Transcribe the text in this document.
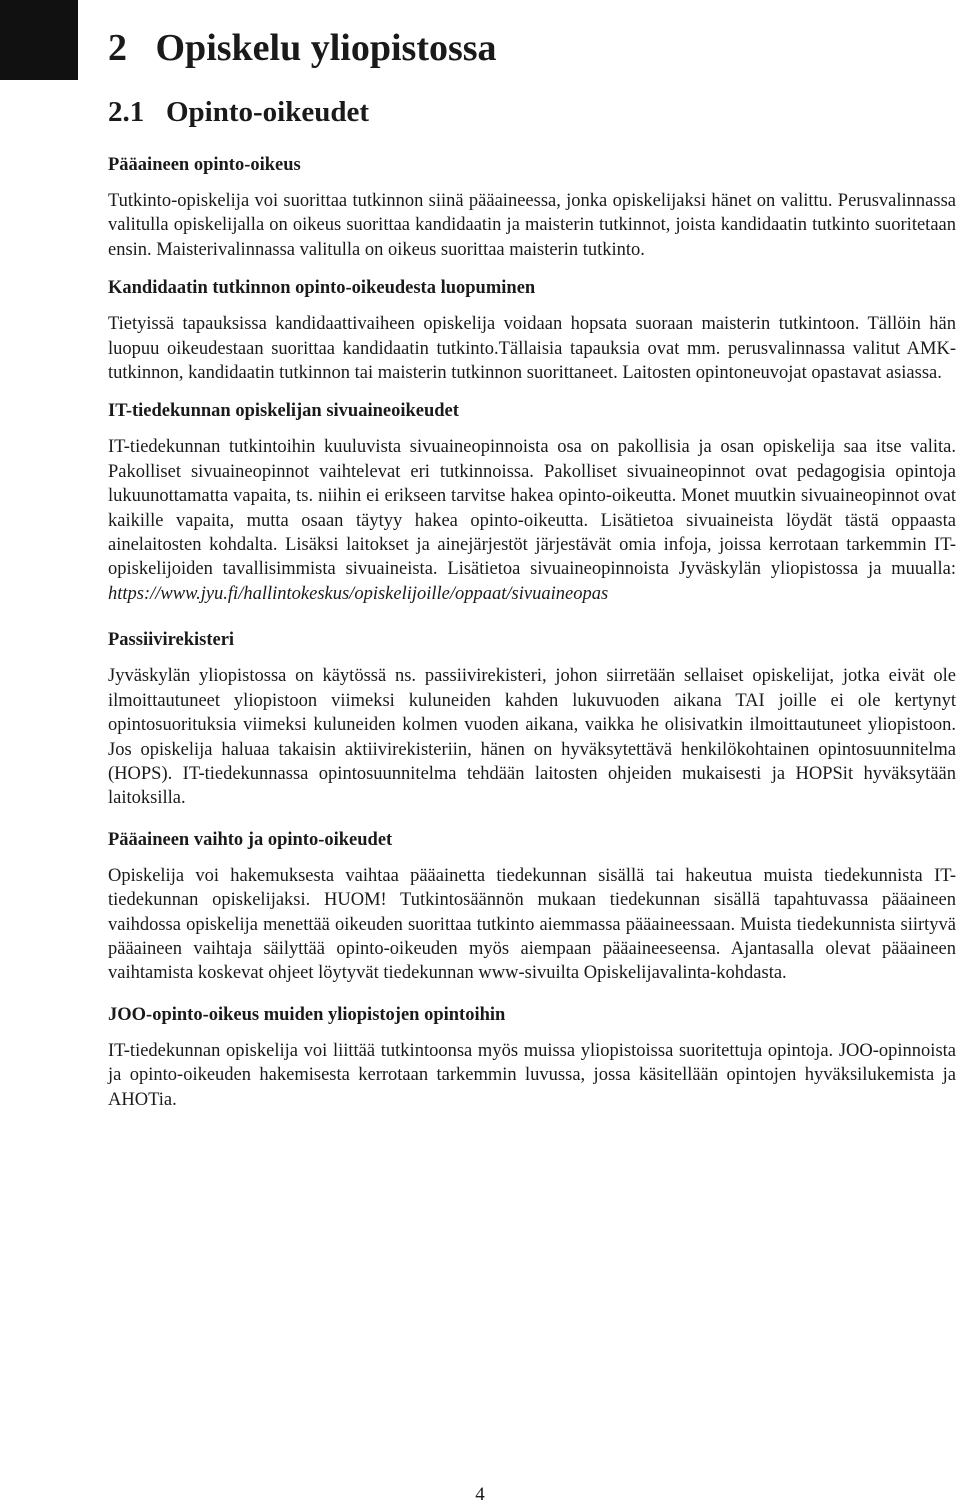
2 Opiskelu yliopistossa
2.1 Opinto-oikeudet
Pääaineen opinto-oikeus

Tutkinto-opiskelija voi suorittaa tutkinnon siinä pääaineessa, jonka opiskelijaksi hänet on valittu. Perusvalinnassa valitulla opiskelijalla on oikeus suorittaa kandidaatin ja maisterin tutkinnot, joista kandidaatin tutkinto suoritetaan ensin. Maisterivalinnassa valitulla on oikeus suorittaa maisterin tutkinto.

Kandidaatin tutkinnon opinto-oikeudesta luopuminen

Tietyissä tapauksissa kandidaattivaiheen opiskelija voidaan hopsata suoraan maisterin tutkintoon. Tällöin hän luopuu oikeudestaan suorittaa kandidaatin tutkinto.Tällaisia tapauksia ovat mm. perusvalinnassa valitut AMK-tutkinnon, kandidaatin tutkinnon tai maisterin tutkinnon suorittaneet. Laitosten opintoneuvojat opastavat asiassa.

IT-tiedekunnan opiskelijan sivuaineoikeudet

IT-tiedekunnan tutkintoihin kuuluvista sivuaineopinnoista osa on pakollisia ja osan opiskelija saa itse valita. Pakolliset sivuaineopinnot vaihtelevat eri tutkinnoissa. Pakolliset sivuaineopinnot ovat pedagogisia opintoja lukuunottamatta vapaita, ts. niihin ei erikseen tarvitse hakea opinto-oikeutta. Monet muutkin sivuaineopinnot ovat kaikille vapaita, mutta osaan täytyy hakea opinto-oikeutta. Lisätietoa sivuaineista löydät tästä oppaasta ainelaitosten kohdalta. Lisäksi laitokset ja ainejärjestöt järjestävät omia infoja, joissa kerrotaan tarkemmin IT-opiskelijoiden tavallisimmista sivuaineista. Lisätietoa sivuaineopinnoista Jyväskylän yliopistossa ja muualla: https://www.jyu.fi/hallintokeskus/opiskelijoille/oppaat/sivuaineopas

Passiivirekisteri

Jyväskylän yliopistossa on käytössä ns. passiivirekisteri, johon siirretään sellaiset opiskelijat, jotka eivät ole ilmoittautuneet yliopistoon viimeksi kuluneiden kahden lukuvuoden aikana TAI joille ei ole kertynyt opintosuorituksia viimeksi kuluneiden kolmen vuoden aikana, vaikka he olisivatkin ilmoittautuneet yliopistoon. Jos opiskelija haluaa takaisin aktiivirekisteriin, hänen on hyväksytettävä henkilökohtainen opintosuunnitelma (HOPS). IT-tiedekunnassa opintosuunnitelma tehdään laitosten ohjeiden mukaisesti ja HOPSit hyväksytään laitoksilla.

Pääaineen vaihto ja opinto-oikeudet

Opiskelija voi hakemuksesta vaihtaa pääainetta tiedekunnan sisällä tai hakeutua muista tiedekunnista IT-tiedekunnan opiskelijaksi. HUOM! Tutkintosäännön mukaan tiedekunnan sisällä tapahtuvassa pääaineen vaihdossa opiskelija menettää oikeuden suorittaa tutkinto aiemmassa pääaineessaan. Muista tiedekunnista siirtyvä pääaineen vaihtaja säilyttää opinto-oikeuden myös aiempaan pääaineeseensa. Ajantasalla olevat pääaineen vaihtamista koskevat ohjeet löytyvät tiedekunnan www-sivuilta Opiskelijavalinta-kohdasta.

JOO-opinto-oikeus muiden yliopistojen opintoihin

IT-tiedekunnan opiskelija voi liittää tutkintoonsa myös muissa yliopistoissa suoritettuja opintoja. JOO-opinnoista ja opinto-oikeuden hakemisesta kerrotaan tarkemmin luvussa, jossa käsitellään opintojen hyväksilukemista ja AHOTia.

4
